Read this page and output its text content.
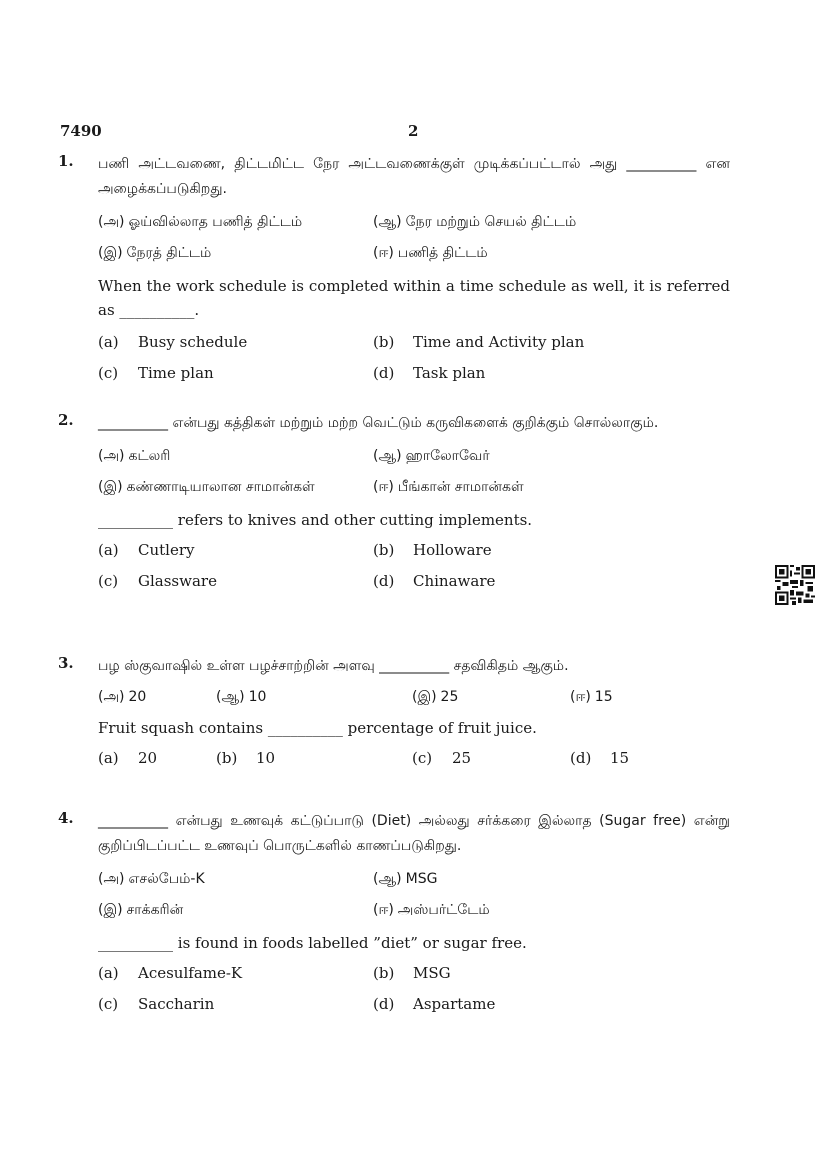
7490	2
1. பணி அட்டவணை, திட்டமிட்ட நேர அட்டவணைக்குள் முடிக்கப்பட்டால் அது __________ என அழைக்கப்படுகிறது.
(அ) ஓய்வில்லாத பணித் திட்டம்	(ஆ) நேர மற்றும் செயல் திட்டம்
(இ) நேரத் திட்டம்	(ஈ) பணித் திட்டம்
When the work schedule is completed within a time schedule as well, it is referred as __________.
(a) Busy schedule	(b) Time and Activity plan
(c) Time plan	(d) Task plan
2. __________ என்பது கத்திகள் மற்றும் மற்ற வெட்டும் கருவிகளைக் குறிக்கும் சொல்லாகும்.
(அ) கட்லரி	(ஆ) ஹாலோவேர்
(இ) கண்ணாடியாலான சாமான்கள்	(ஈ) பீங்கான் சாமான்கள்
__________ refers to knives and other cutting implements.
(a) Cutlery	(b) Holloware
(c) Glassware	(d) Chinaware
3. பழ ஸ்குவாஷில் உள்ள பழச்சாற்றின் அளவு __________ சதவிகிதம் ஆகும்.
(அ) 20	(ஆ) 10	(இ) 25	(ஈ) 15
Fruit squash contains __________ percentage of fruit juice.
(a) 20	(b) 10	(c) 25	(d) 15
4. __________ என்பது உணவுக் கட்டுப்பாடு (Diet) அல்லது சர்க்கரை இல்லாத (Sugar free) என்று குறிப்பிடப்பட்ட உணவுப் பொருட்களில் காணப்படுகிறது.
(அ) எசல்பேம்-K	(ஆ) MSG
(இ) சாக்கரின்	(ஈ) அஸ்பர்ட்டேம்
__________ is found in foods labelled ”diet” or sugar free.
(a) Acesulfame-K	(b) MSG
(c) Saccharin	(d) Aspartame
